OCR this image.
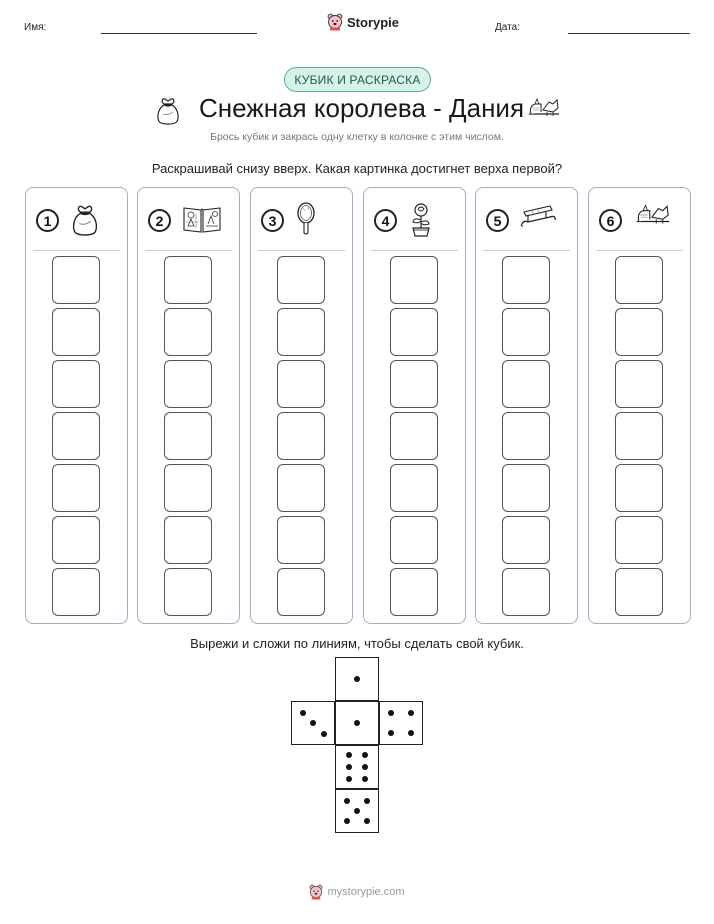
Имя:	Storypie	Дата:
КУБИК И РАСКРАСКА
Снежная королева - Дания
Брось кубик и закрась одну клетку в колонке с этим числом.
Раскрашивай снизу вверх. Какая картинка достигнет верха первой?
1	2	3	4	5	6
Вырежи и сложи по линиям, чтобы сделать свой кубик.
mystorypie.com
